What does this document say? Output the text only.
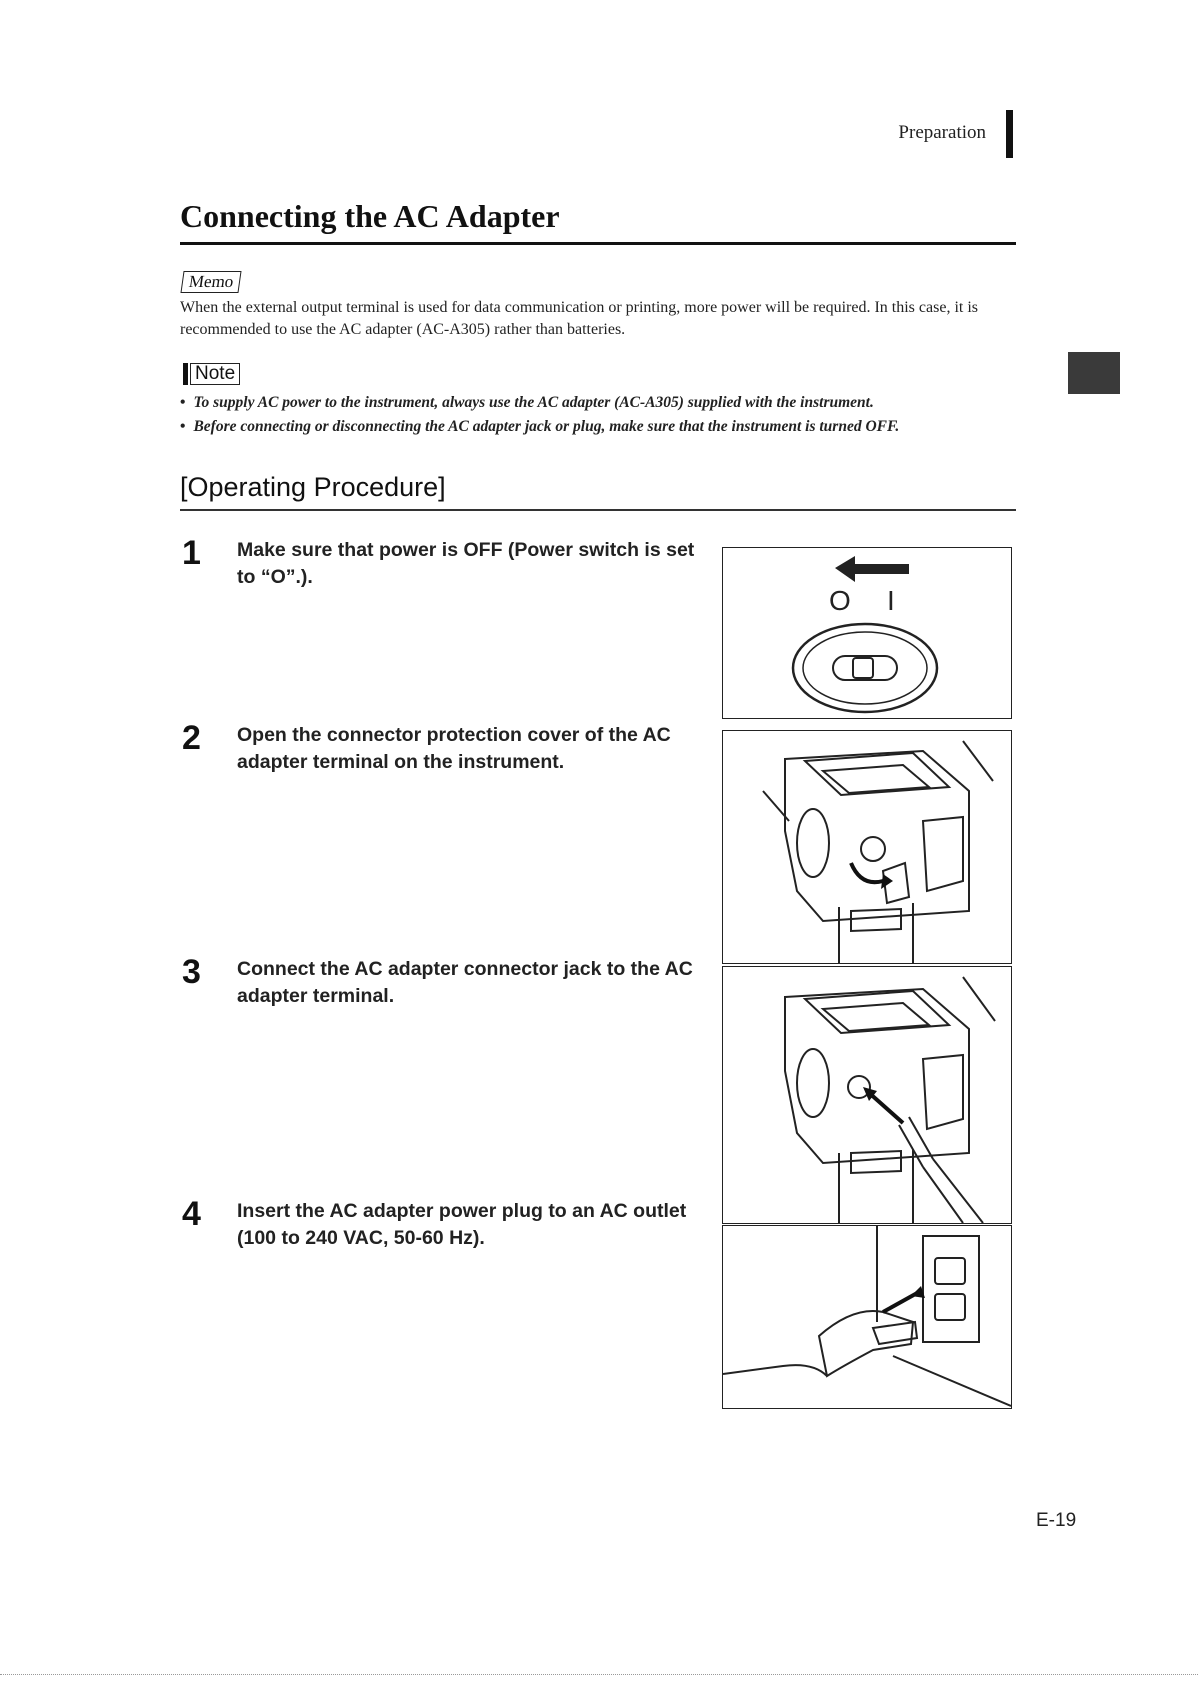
Preparation
Connecting the AC Adapter
Memo
When the external output terminal is used for data communication or printing, more power will be required. In this case, it is recommended to use the AC adapter (AC-A305) rather than batteries.
Note
• To supply AC power to the instrument, always use the AC adapter (AC-A305) supplied with the instrument.
• Before connecting or disconnecting the AC adapter jack or plug, make sure that the instrument is turned OFF.
[Operating Procedure]
1 Make sure that power is OFF (Power switch is set to “O”.).
O I
2 Open the connector protection cover of the AC adapter terminal on the instrument.
3 Connect the AC adapter connector jack to the AC adapter terminal.
4 Insert the AC adapter power plug to an AC outlet (100 to 240 VAC, 50-60 Hz).
E-19
